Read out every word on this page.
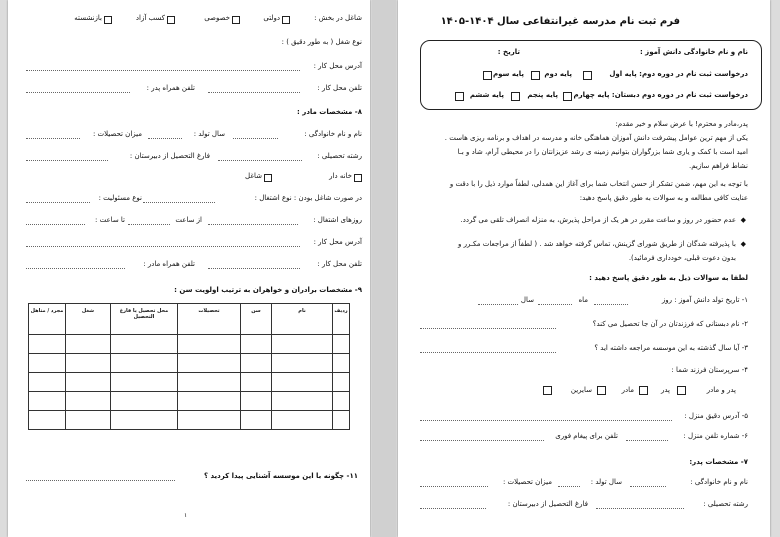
شاغل در بخش :
دولتی
خصوصی
کسب آزاد
بازنشسته
نوع شغل ( به طور دقیق ) :
آدرس محل کار :
تلفن محل کار :
تلفن همراه پدر :
۸- مشخصات مادر :
نام و نام خانوادگی :
سال تولد :
میزان تحصیلات :
رشته تحصیلی :
فارغ التحصیل از دبیرستان :
خانه دار
شاغل
در صورت شاغل بودن : نوع اشتغال :
نوع مسئولیت :
روزهای اشتغال :
از ساعت
تا ساعت :
آدرس محل کار :
تلفن محل کار :
تلفن همراه مادر :
۹- مشخصات برادران و خواهران به ترتیب اولویت سن :
ردیف	نام	سن	تحصیلات	محل تحصیل یا فارغ التحصیل	شغل	مجرد / متاهل

۱۱- چگونه با این موسسه آشنایی پیدا کردید ؟
۱
فرم ثبت نام مدرسه غیرانتفاعی سال ۱۴۰۴-۱۴۰۵
نام و نام خانوادگی دانش آموز :
تاریخ :
درخواست ثبت نام در دوره دوم: پایه اول
پایه دوم
پایه سوم
درخواست ثبت نام در دوره دوم دبستان: پایه چهارم
پایه پنجم
پایه ششم
پدر،مادر و محترم! با عرض سلام و خیر مقدم:
یکی از مهم ترین عوامل پیشرفت دانش آموزان هماهنگی خانه و مدرسه در اهداف و برنامه ریزی هاست .
امید است با کمک و یاری شما بزرگواران بتوانیم زمینه ی رشد عزیزانتان را در محیطی آرام، شاد و بـا
نشاط فراهم سازیم.
با توجه به این مهم، ضمن تشکر از حسن انتخاب شما برای آغاز این همدلی، لطفاً موارد ذیل را با دقت و
عنایت کافی مطالعه و به سوالات به طور دقیق پاسخ دهید:
◆
عدم حضور در روز و ساعت مقرر در هر یک از مراحل پذیرش، به منزله انصراف تلقی می گردد.
◆
با پذیرفته شدگان از طریق شورای گزینش، تماس گرفته خواهد شد . ( لطفاً از مراجعات مکـرر و
بدون دعوت قبلی، خودداری فرمائید).
لطفا به سوالات ذیل به طور دقیق پاسخ دهید :
۱- تاریخ تولد دانش آموز : روز
ماه
سال
۲- نام دبستانی که فرزندتان در آن جا تحصیل می کند؟
۳- آیا سال گذشته به این موسسه مراجعه داشته اید ؟
۴- سرپرستان فرزند شما :
پدر و مادر
پدر
مادر
سایرین
۵- آدرس دقیق منزل :
۶- شماره تلفن منزل :
تلفن برای پیغام فوری
۷- مشخصات پدر:
نام و نام خانوادگی :
سال تولد :
میزان تحصیلات :
رشته تحصیلی :
فارغ التحصیل از دبیرستان :
